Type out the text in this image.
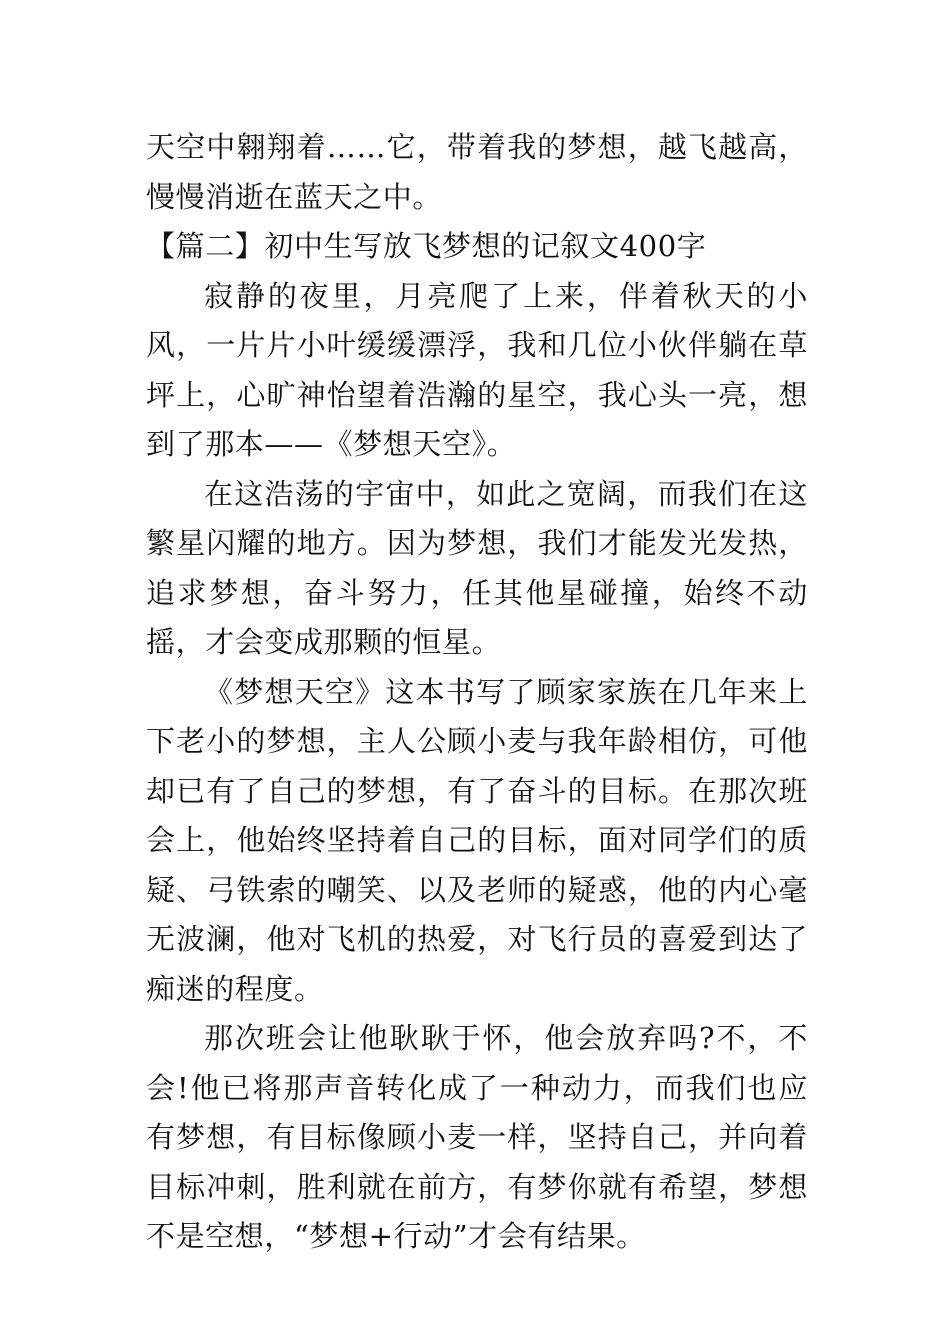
天空中翱翔着……它，带着我的梦想，越飞越高，慢慢消逝在蓝天之中。

【篇二】初中生写放飞梦想的记叙文400字

寂静的夜里，月亮爬了上来，伴着秋天的小风，一片片小叶缓缓漂浮，我和几位小伙伴躺在草坪上，心旷神怡望着浩瀚的星空，我心头一亮，想到了那本——《梦想天空》。

在这浩荡的宇宙中，如此之宽阔，而我们在这繁星闪耀的地方。因为梦想，我们才能发光发热，追求梦想，奋斗努力，任其他星碰撞，始终不动摇，才会变成那颗的恒星。

《梦想天空》这本书写了顾家家族在几年来上下老小的梦想，主人公顾小麦与我年龄相仿，可他却已有了自己的梦想，有了奋斗的目标。在那次班会上，他始终坚持着自己的目标，面对同学们的质疑、弓铁索的嘲笑、以及老师的疑惑，他的内心毫无波澜，他对飞机的热爱，对飞行员的喜爱到达了痴迷的程度。

那次班会让他耿耿于怀，他会放弃吗?不，不会!他已将那声音转化成了一种动力，而我们也应有梦想，有目标像顾小麦一样，坚持自己，并向着目标冲刺，胜利就在前方，有梦你就有希望，梦想不是空想，“梦想+行动”才会有结果。
